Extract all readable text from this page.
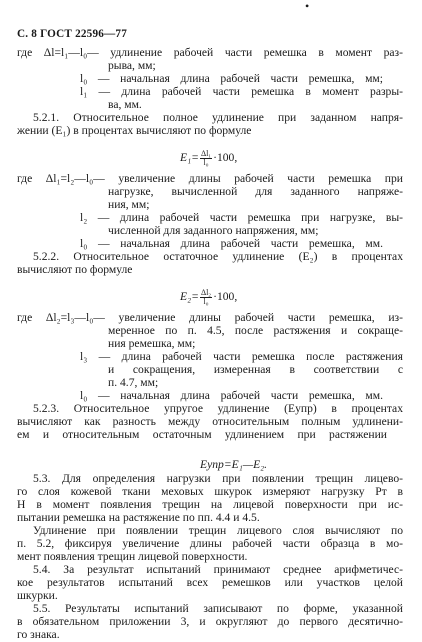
•
С. 8 ГОСТ 22596—77
где Δl=l₁—l₀— удлинение рабочей части ремешка в момент раз-
рыва, мм;
l₀ — начальная длина рабочей части ремешка, мм;
l₁ — длина рабочей части ремешка в момент разры-
ва, мм.
5.2.1. Относительное полное удлинение при заданном напря-
жении (E₁) в процентах вычисляют по формуле
где Δl₁=l₂—l₀— увеличение длины рабочей части ремешка при
нагрузке, вычисленной для заданного напряже-
ния, мм;
l₂ — длина рабочей части ремешка при нагрузке, вы-
численной для заданного напряжения, мм;
l₀ — начальная длина рабочей части ремешка, мм.
5.2.2. Относительное остаточное удлинение (E₂) в процентах
вычисляют по формуле
где Δl₂=l₃—l₀— увеличение длины рабочей части ремешка, из-
меренное по п. 4.5, после растяжения и сокраще-
ния ремешка, мм;
l₃ — длина рабочей части ремешка после растяжения
и сокращения, измеренная в соответствии с
п. 4.7, мм;
l₀ — начальная длина рабочей части ремешка, мм.
5.2.3. Относительное упругое удлинение (Eупр) в процентах
вычисляют как разность между относительным полным удлинени-
ем и относительным остаточным удлинением при растяжении
5.3. Для определения нагрузки при появлении трещин лицево-
го слоя кожевой ткани меховых шкурок измеряют нагрузку Pт в
Н в момент появления трещин на лицевой поверхности при ис-
пытании ремешка на растяжение по пп. 4.4 и 4.5.
Удлинение при появлении трещин лицевого слоя вычисляют по
п. 5.2, фиксируя увеличение длины рабочей части образца в мо-
мент появления трещин лицевой поверхности.
5.4. За результат испытаний принимают среднее арифметичес-
кое результатов испытаний всех ремешков или участков целой
шкурки.
5.5. Результаты испытаний записывают по форме, указанной
в обязательном приложении 3, и округляют до первого десятично-
го знака.
$E_1= \frac{\text{Δl₁}}{\text{l₀}} \cdot 100$,
$E_2= \frac{\text{Δl₂}}{\text{l₀}} \cdot 100$,
Eупр=E₁—E₂.
